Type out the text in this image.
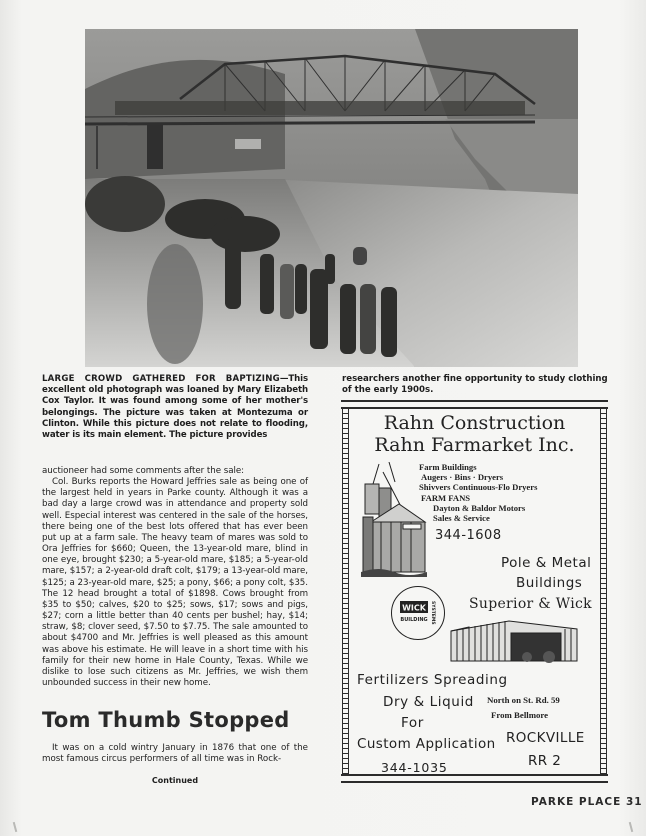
LARGE CROWD GATHERED FOR BAPTIZING—This excellent old photograph was loaned by Mary Elizabeth Cox Taylor. It was found among some of her mother's belongings. The picture was taken at Montezuma or Clinton. While this picture does not relate to flooding, water is its main element. The picture provides
researchers another fine opportunity to study clothing of the early 1900s.

auctioneer had some comments after the sale:

Col. Burks reports the Howard Jeffries sale as being one of the largest held in years in Parke county. Although it was a bad day a large crowd was in attendance and property sold well. Especial interest was centered in the sale of the horses, there being one of the best lots offered that has ever been put up at a farm sale. The heavy team of mares was sold to Ora Jeffries for $660; Queen, the 13-year-old mare, blind in one eye, brought $230; a 5-year-old mare, $185; a 5-year-old mare, $157; a 2-year-old draft colt, $179; a 13-year-old mare, $125; a 23-year-old mare, $25; a pony, $66; a pony colt, $35. The 12 head brought a total of $1898. Cows brought from $35 to $50; calves, $20 to $25; sows, $17; sows and pigs, $27; corn a little better than 40 cents per bushel; hay, $14; straw, $8; clover seed, $7.50 to $7.75. The sale amounted to about $4700 and Mr. Jeffries is well pleased as this amount was above his estimate. He will leave in a short time with his family for their new home in Hale County, Texas. While we dislike to lose such citizens as Mr. Jeffries, we wish them unbounded success in their new home.

Tom Thumb Stopped

It was on a cold wintry January in 1876 that one of the most famous circus performers of all time was in Rock-

Continued
Rahn Construction
Rahn Farmarket Inc.
Farm Buildings
Augers · Bins · Dryers
Shivvers Continuous-Flo Dryers
FARM FANS
Dayton & Baldor Motors
Sales & Service
344-1608
Pole & Metal
Buildings
Superior & Wick
WICK
BUILDING SYSTEMS
Fertilizers Spreading
Dry & Liquid
For
Custom Application
344-1035
North on St. Rd. 59
From Bellmore
ROCKVILLE
RR 2
PARKE PLACE 31
